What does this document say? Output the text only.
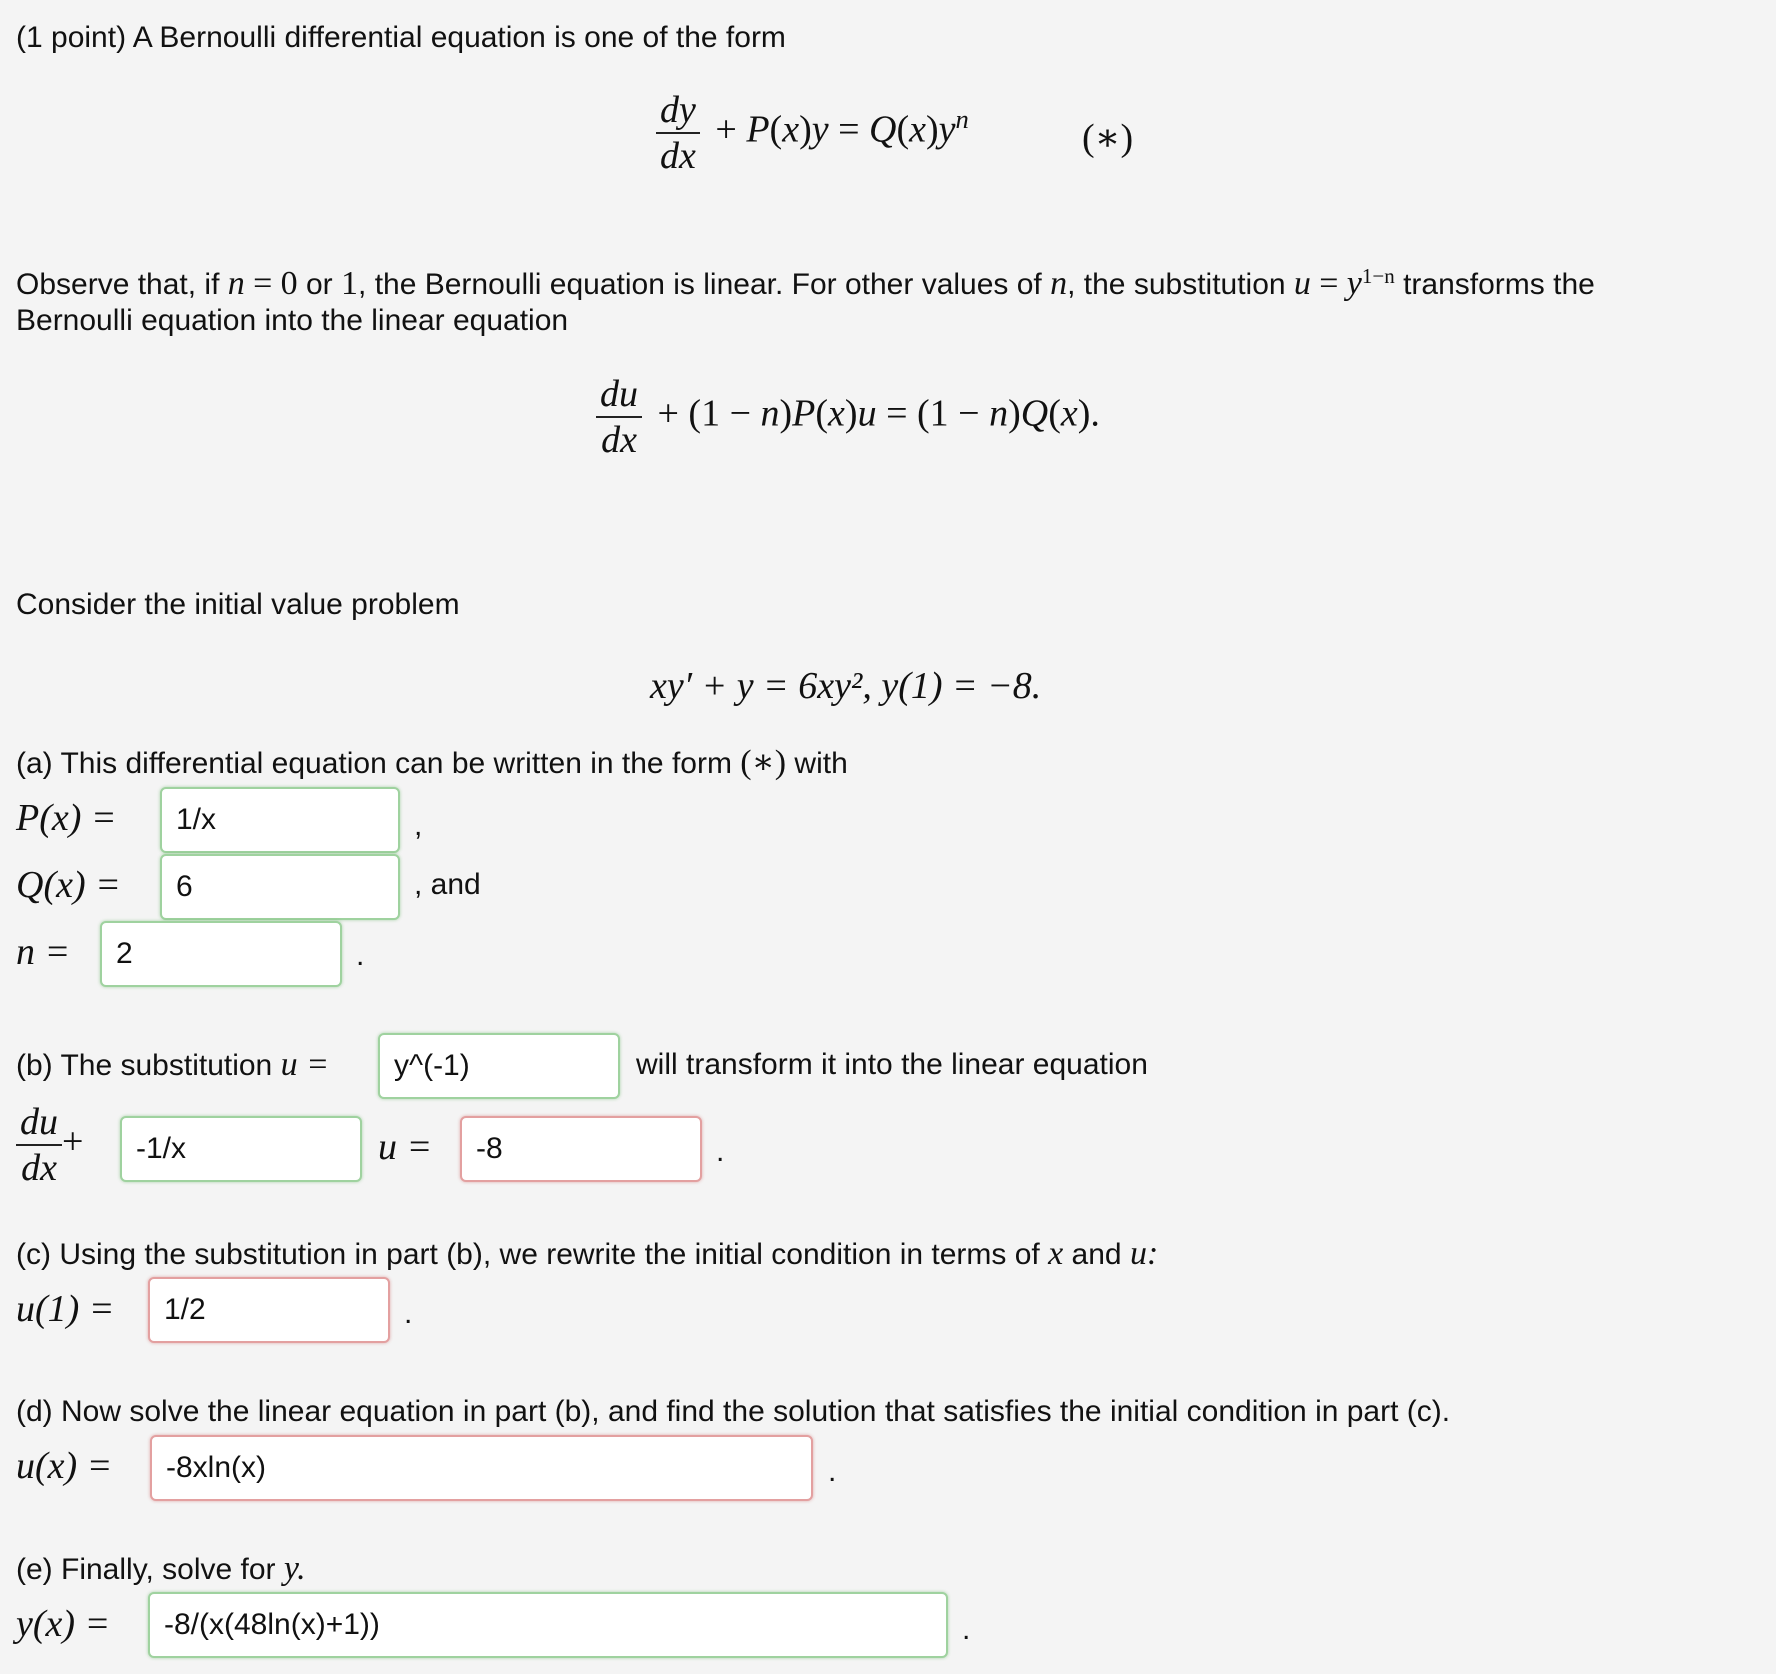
(1 point) A Bernoulli differential equation is one of the form
$\frac{dy}{dx} + P(x)y = Q(x)y^n$	(∗)
Observe that, if n = 0 or 1, the Bernoulli equation is linear. For other values of n, the substitution $u = y^{1-n}$ transforms the
Bernoulli equation into the linear equation
$\frac{du}{dx} + (1 - n)P(x)u = (1 - n)Q(x)$.
Consider the initial value problem
xy′ + y = 6xy², y(1) = −8.
(a) This differential equation can be written in the form (∗) with
P(x) =
1/x	,
Q(x) =
6	, and
n =
2	.
(b) The substitution u =
y^(-1)	will transform it into the linear equation
$\frac{du}{dx}$ +
-1/x	u =
-8	.
(c) Using the substitution in part (b), we rewrite the initial condition in terms of x and u:
u(1) =
1/2	.
(d) Now solve the linear equation in part (b), and find the solution that satisfies the initial condition in part (c).
u(x) =
-8xln(x)	.
(e) Finally, solve for y.
y(x) =
-8/(x(48ln(x)+1))	.
